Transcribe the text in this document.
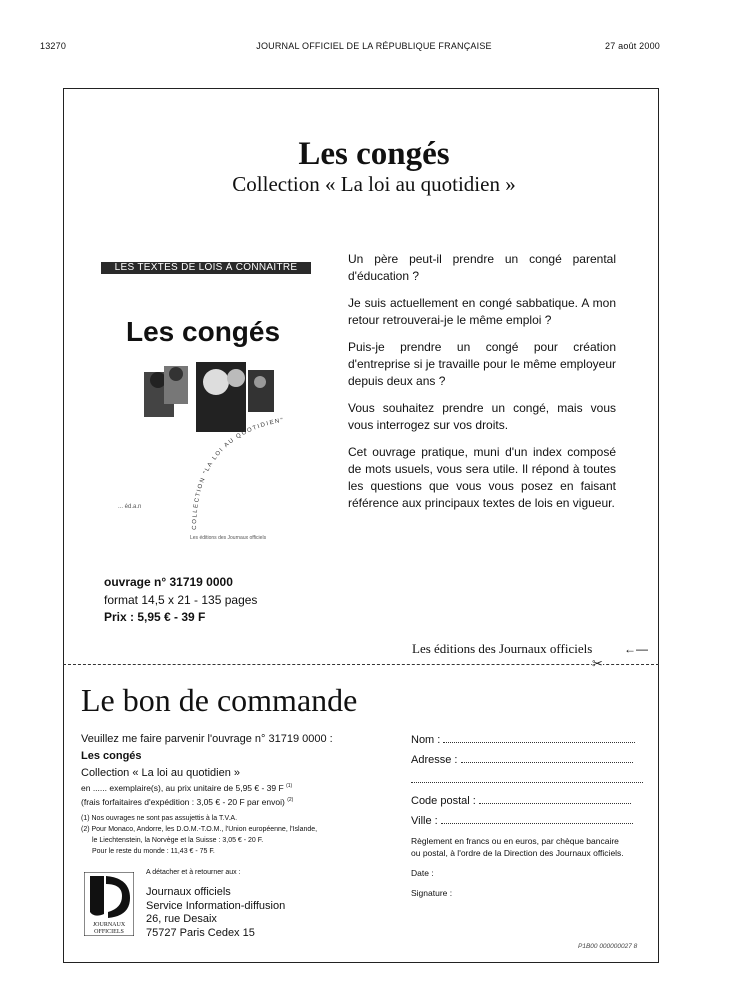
13270	JOURNAL OFFICIEL DE LA RÉPUBLIQUE FRANÇAISE	27 août 2000
Les congés
Collection « La loi au quotidien »
LES TEXTES DE LOIS À CONNAÎTRE
Les congés
COLLECTION "LA LOI AU QUOTIDIEN"
... éd.a.n
Les éditions des Journaux officiels

Un père peut-il prendre un congé parental d'éducation ?

Je suis actuellement en congé sabbatique. A mon retour retrouverai-je le même emploi ?

Puis-je prendre un congé pour création d'entreprise si je travaille pour le même employeur depuis deux ans ?

Vous souhaitez prendre un congé, mais vous vous interrogez sur vos droits.

Cet ouvrage pratique, muni d'un index composé de mots usuels, vous sera utile. Il répond à toutes les questions que vous vous posez en faisant référence aux principaux textes de lois en vigueur.

ouvrage n° 31719 0000
format 14,5 x 21 - 135 pages
Prix : 5,95 € - 39 F
Les éditions des Journaux officiels	←—
✂
Le bon de commande
Veuillez me faire parvenir l'ouvrage n° 31719 0000 :
Les congés
Collection « La loi au quotidien »
en ...... exemplaire(s), au prix unitaire de 5,95 € - 39 F $^{(1)}$
(frais forfaitaires d'expédition : 3,05 € - 20 F par envoi) $^{(2)}$
(1) Nos ouvrages ne sont pas assujettis à la T.V.A.
(2) Pour Monaco, Andorre, les D.O.M.-T.O.M., l'Union européenne, l'Islande,
le Liechtenstein, la Norvège et la Suisse : 3,05 € - 20 F.
Pour le reste du monde : 11,43 € - 75 F.
A détacher et à retourner aux :
JOURNAUX
OFFICIELS
Journaux officiels
Service Information-diffusion
26, rue Desaix
75727 Paris Cedex 15
Nom :
Adresse :
Code postal :
Ville :
Règlement en francs ou en euros, par chèque bancaire
ou postal, à l'ordre de la Direction des Journaux officiels.
Date :
Signature :
P1B00 000000027 8
